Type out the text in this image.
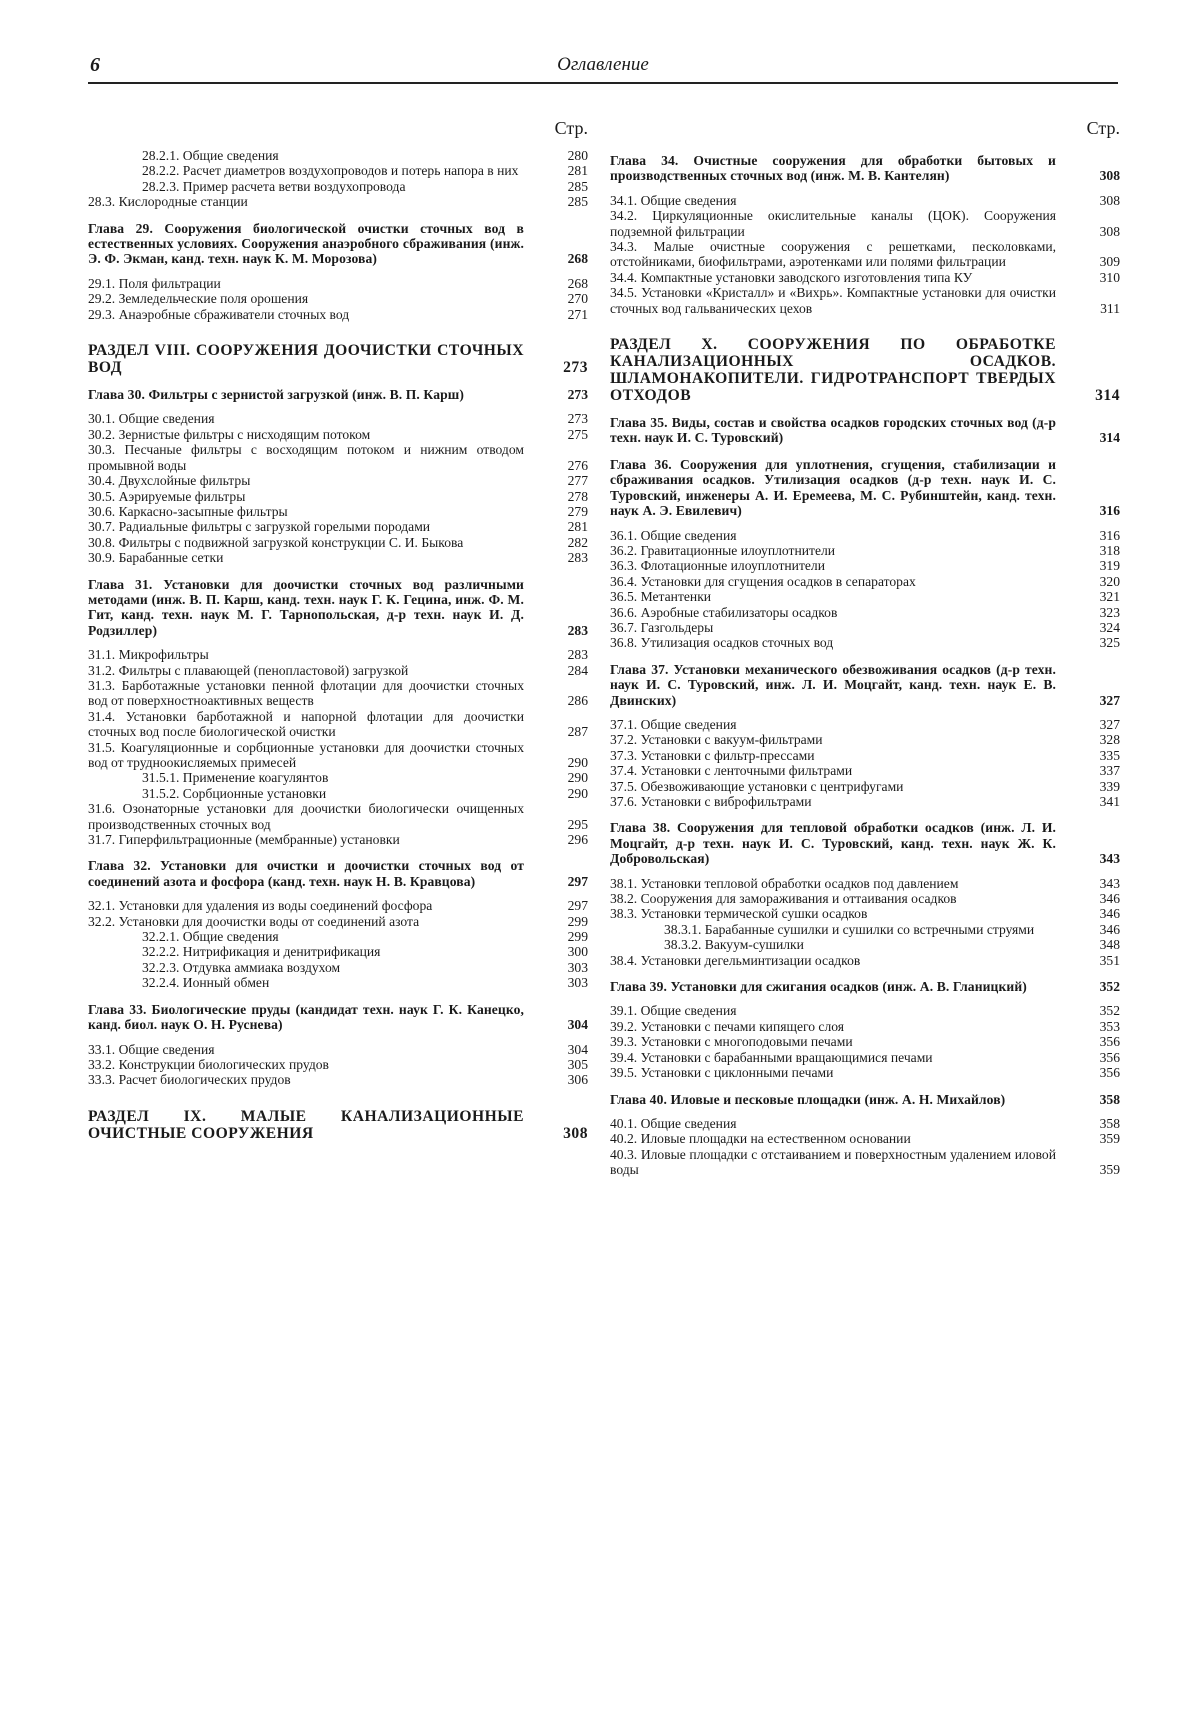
6	Оглавление
Стр.
28.2.1. Общие сведения	280
28.2.2. Расчет диаметров воздухопроводов и потерь напора в них	281
28.2.3. Пример расчета ветви воздухопровода	285
28.3. Кислородные станции	285
Глава 29. Сооружения биологической очистки сточных вод в естественных условиях. Сооружения анаэробного сбраживания (инж. Э. Ф. Экман, канд. техн. наук К. М. Морозова)	268
29.1. Поля фильтрации	268
29.2. Земледельческие поля орошения	270
29.3. Анаэробные сбраживатели сточных вод	271
РАЗДЕЛ VIII. СООРУЖЕНИЯ ДООЧИСТКИ СТОЧНЫХ ВОД	273
Глава 30. Фильтры с зернистой загрузкой (инж. В. П. Карш)	273
30.1. Общие сведения	273
30.2. Зернистые фильтры с нисходящим потоком	275
30.3. Песчаные фильтры с восходящим потоком и нижним отводом промывной воды	276
30.4. Двухслойные фильтры	277
30.5. Аэрируемые фильтры	278
30.6. Каркасно-засыпные фильтры	279
30.7. Радиальные фильтры с загрузкой горелыми породами	281
30.8. Фильтры с подвижной загрузкой конструкции С. И. Быкова	282
30.9. Барабанные сетки	283
Глава 31. Установки для доочистки сточных вод различными методами (инж. В. П. Карш, канд. техн. наук Г. К. Гецина, инж. Ф. М. Гит, канд. техн. наук М. Г. Тарнопольская, д-р техн. наук И. Д. Родзиллер)	283
31.1. Микрофильтры	283
31.2. Фильтры с плавающей (пенопластовой) загрузкой	284
31.3. Барботажные установки пенной флотации для доочистки сточных вод от поверхностноактивных веществ	286
31.4. Установки барботажной и напорной флотации для доочистки сточных вод после биологической очистки	287
31.5. Коагуляционные и сорбционные установки для доочистки сточных вод от трудноокисляемых примесей	290
31.5.1. Применение коагулянтов	290
31.5.2. Сорбционные установки	290
31.6. Озонаторные установки для доочистки биологически очищенных производственных сточных вод	295
31.7. Гиперфильтрационные (мембранные) установки	296
Глава 32. Установки для очистки и доочистки сточных вод от соединений азота и фосфора (канд. техн. наук Н. В. Кравцова)	297
32.1. Установки для удаления из воды соединений фосфора	297
32.2. Установки для доочистки воды от соединений азота	299
32.2.1. Общие сведения	299
32.2.2. Нитрификация и денитрификация	300
32.2.3. Отдувка аммиака воздухом	303
32.2.4. Ионный обмен	303
Глава 33. Биологические пруды (кандидат техн. наук Г. К. Канецко, канд. биол. наук О. Н. Руснева)	304
33.1. Общие сведения	304
33.2. Конструкции биологических прудов	305
33.3. Расчет биологических прудов	306
РАЗДЕЛ IX. МАЛЫЕ КАНАЛИЗАЦИОННЫЕ ОЧИСТНЫЕ СООРУЖЕНИЯ	308
Стр.
Глава 34. Очистные сооружения для обработки бытовых и производственных сточных вод (инж. М. В. Кантелян)	308
34.1. Общие сведения	308
34.2. Циркуляционные окислительные каналы (ЦОК). Сооружения подземной фильтрации	308
34.3. Малые очистные сооружения с решетками, песколовками, отстойниками, биофильтрами, аэротенками или полями фильтрации	309
34.4. Компактные установки заводского изготовления типа КУ	310
34.5. Установки «Кристалл» и «Вихрь». Компактные установки для очистки сточных вод гальванических цехов	311
РАЗДЕЛ X. СООРУЖЕНИЯ ПО ОБРАБОТКЕ КАНАЛИЗАЦИОННЫХ ОСАДКОВ. ШЛАМОНАКОПИТЕЛИ. ГИДРОТРАНСПОРТ ТВЕРДЫХ ОТХОДОВ	314
Глава 35. Виды, состав и свойства осадков городских сточных вод (д-р техн. наук И. С. Туровский)	314
Глава 36. Сооружения для уплотнения, сгущения, стабилизации и сбраживания осадков. Утилизация осадков (д-р техн. наук И. С. Туровский, инженеры А. И. Еремеева, М. С. Рубинштейн, канд. техн. наук А. Э. Евилевич)	316
36.1. Общие сведения	316
36.2. Гравитационные илоуплотнители	318
36.3. Флотационные илоуплотнители	319
36.4. Установки для сгущения осадков в сепараторах	320
36.5. Метантенки	321
36.6. Аэробные стабилизаторы осадков	323
36.7. Газгольдеры	324
36.8. Утилизация осадков сточных вод	325
Глава 37. Установки механического обезвоживания осадков (д-р техн. наук И. С. Туровский, инж. Л. И. Моцгайт, канд. техн. наук Е. В. Двинских)	327
37.1. Общие сведения	327
37.2. Установки с вакуум-фильтрами	328
37.3. Установки с фильтр-прессами	335
37.4. Установки с ленточными фильтрами	337
37.5. Обезвоживающие установки с центрифугами	339
37.6. Установки с виброфильтрами	341
Глава 38. Сооружения для тепловой обработки осадков (инж. Л. И. Моцгайт, д-р техн. наук И. С. Туровский, канд. техн. наук Ж. К. Добровольская)	343
38.1. Установки тепловой обработки осадков под давлением	343
38.2. Сооружения для замораживания и оттаивания осадков	346
38.3. Установки термической сушки осадков	346
38.3.1. Барабанные сушилки и сушилки со встречными струями	346
38.3.2. Вакуум-сушилки	348
38.4. Установки дегельминтизации осадков	351
Глава 39. Установки для сжигания осадков (инж. А. В. Гланицкий)	352
39.1. Общие сведения	352
39.2. Установки с печами кипящего слоя	353
39.3. Установки с многоподовыми печами	356
39.4. Установки с барабанными вращающимися печами	356
39.5. Установки с циклонными печами	356
Глава 40. Иловые и песковые площадки (инж. А. Н. Михайлов)	358
40.1. Общие сведения	358
40.2. Иловые площадки на естественном основании	359
40.3. Иловые площадки с отстаиванием и поверхностным удалением иловой воды	359
